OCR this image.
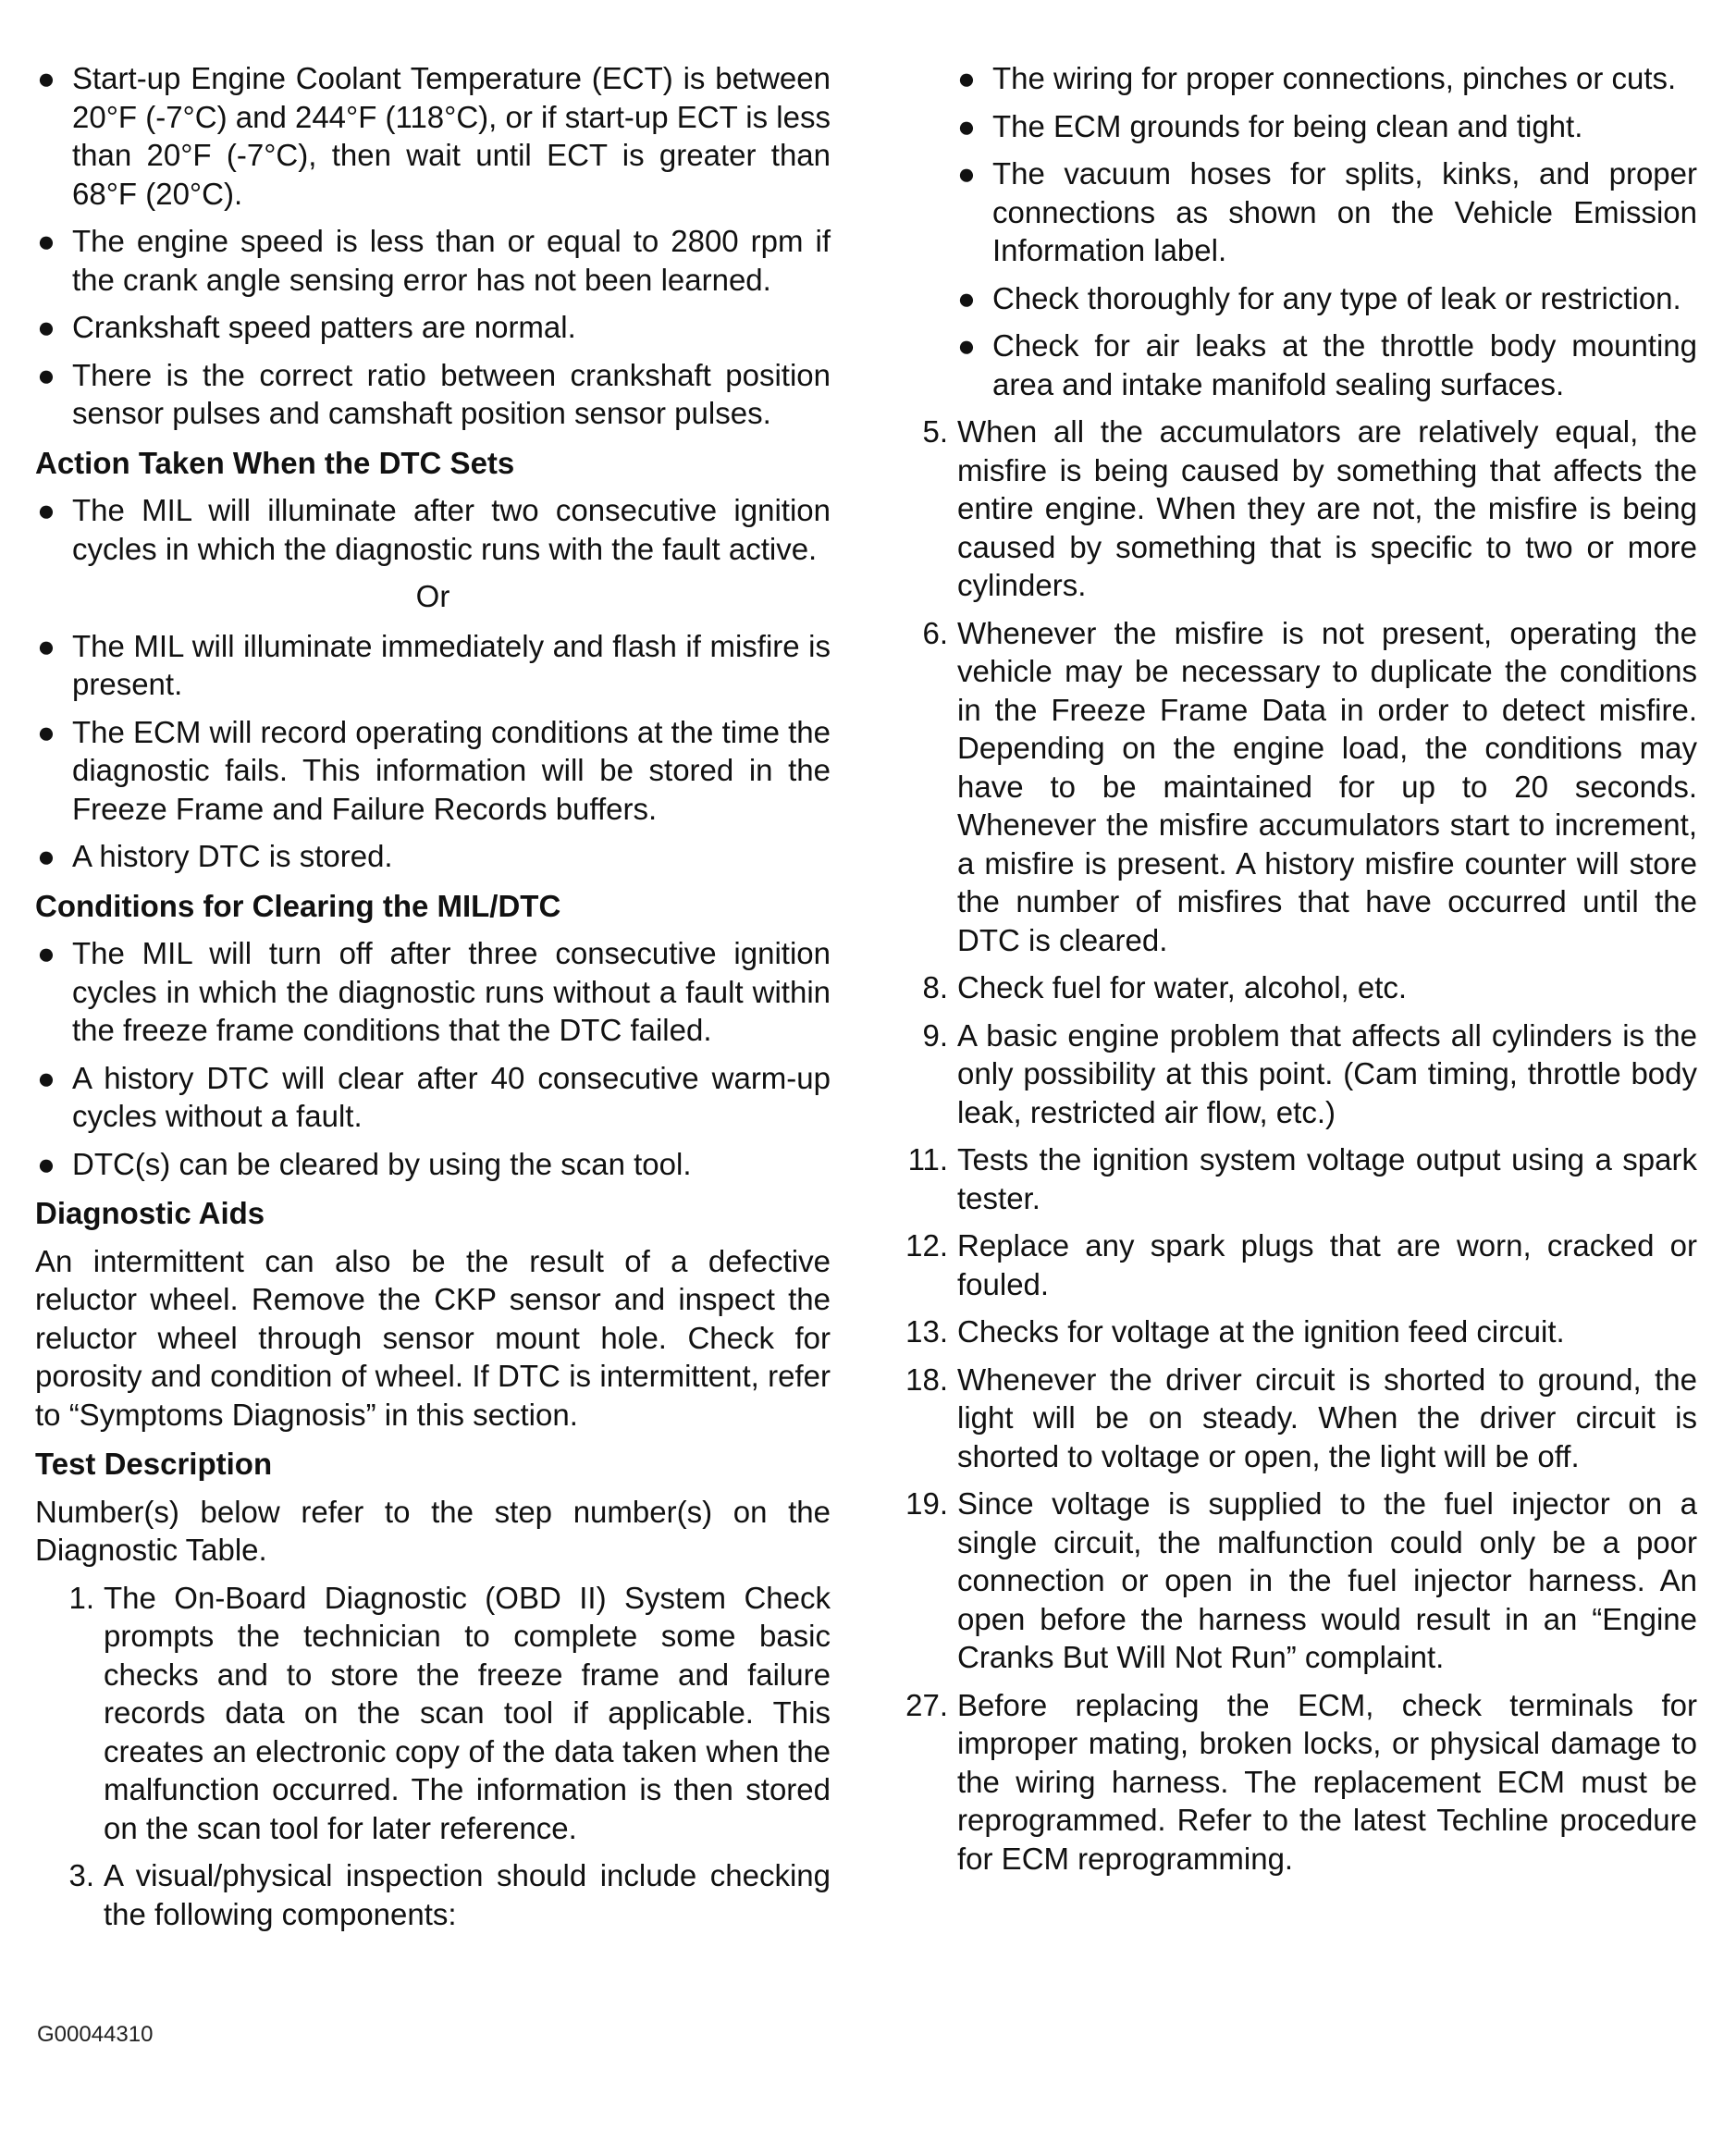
● Start-up Engine Coolant Temperature (ECT) is between 20°F (-7°C) and 244°F (118°C), or if start-up ECT is less than 20°F (-7°C), then wait until ECT is greater than 68°F (20°C).
● The engine speed is less than or equal to 2800 rpm if the crank angle sensing error has not been learned.
● Crankshaft speed patters are normal.
● There is the correct ratio between crankshaft position sensor pulses and camshaft position sensor pulses.
Action Taken When the DTC Sets
● The MIL will illuminate after two consecutive ignition cycles in which the diagnostic runs with the fault active.
Or
● The MIL will illuminate immediately and flash if misfire is present.
● The ECM will record operating conditions at the time the diagnostic fails. This information will be stored in the Freeze Frame and Failure Records buffers.
● A history DTC is stored.
Conditions for Clearing the MIL/DTC
● The MIL will turn off after three consecutive ignition cycles in which the diagnostic runs without a fault within the freeze frame conditions that the DTC failed.
● A history DTC will clear after 40 consecutive warm-up cycles without a fault.
● DTC(s) can be cleared by using the scan tool.
Diagnostic Aids
An intermittent can also be the result of a defective reluctor wheel. Remove the CKP sensor and inspect the reluctor wheel through sensor mount hole. Check for porosity and condition of wheel. If DTC is intermittent, refer to “Symptoms Diagnosis” in this section.
Test Description
Number(s) below refer to the step number(s) on the Diagnostic Table.
1. The On-Board Diagnostic (OBD II) System Check prompts the technician to complete some basic checks and to store the freeze frame and failure records data on the scan tool if applicable. This creates an electronic copy of the data taken when the malfunction occurred. The information is then stored on the scan tool for later reference.
3. A visual/physical inspection should include checking the following components:
● The wiring for proper connections, pinches or cuts.
● The ECM grounds for being clean and tight.
● The vacuum hoses for splits, kinks, and proper connections as shown on the Vehicle Emission Information label.
● Check thoroughly for any type of leak or restriction.
● Check for air leaks at the throttle body mounting area and intake manifold sealing surfaces.
5. When all the accumulators are relatively equal, the misfire is being caused by something that affects the entire engine. When they are not, the misfire is being caused by something that is specific to two or more cylinders.
6. Whenever the misfire is not present, operating the vehicle may be necessary to duplicate the conditions in the Freeze Frame Data in order to detect misfire. Depending on the engine load, the conditions may have to be maintained for up to 20 seconds. Whenever the misfire accumulators start to increment, a misfire is present. A history misfire counter will store the number of misfires that have occurred until the DTC is cleared.
8. Check fuel for water, alcohol, etc.
9. A basic engine problem that affects all cylinders is the only possibility at this point. (Cam timing, throttle body leak, restricted air flow, etc.)
11. Tests the ignition system voltage output using a spark tester.
12. Replace any spark plugs that are worn, cracked or fouled.
13. Checks for voltage at the ignition feed circuit.
18. Whenever the driver circuit is shorted to ground, the light will be on steady. When the driver circuit is shorted to voltage or open, the light will be off.
19. Since voltage is supplied to the fuel injector on a single circuit, the malfunction could only be a poor connection or open in the fuel injector harness. An open before the harness would result in an “Engine Cranks But Will Not Run” complaint.
27. Before replacing the ECM, check terminals for improper mating, broken locks, or physical damage to the wiring harness. The replacement ECM must be reprogrammed. Refer to the latest Techline procedure for ECM reprogramming.
G00044310
